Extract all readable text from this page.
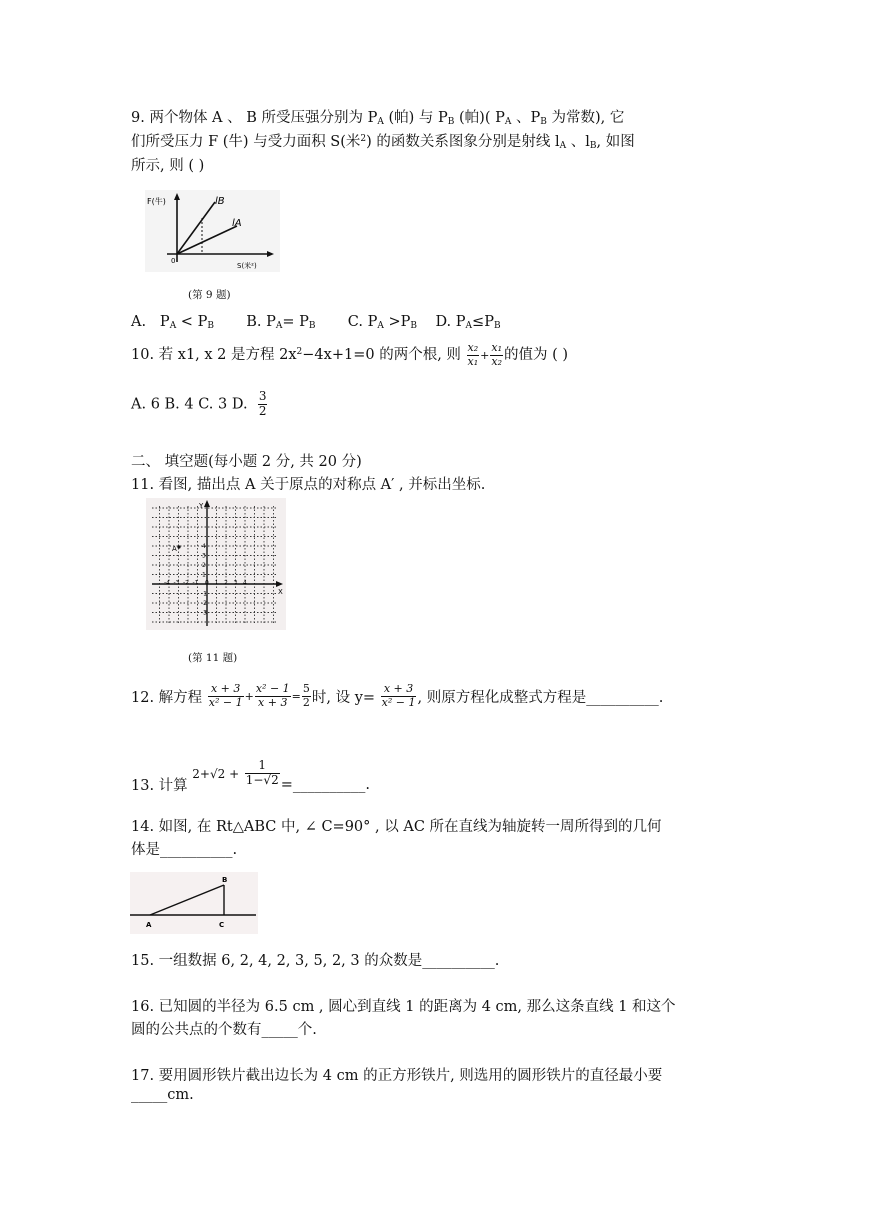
9. 两个物体 A 、 B 所受压强分别为 $P_A$ (帕) 与 $P_B$ (帕)( $P_A$ 、$P_B$ 为常数), 它
们所受压力 F (牛) 与受力面积 S(米$^2$) 的函数关系图象分别是射线 $l_A$ 、$l_B$, 如图
所示, 则 ( )
F(牛)	lB
lA
0
S(米²)
(第 9 题)
A. $P_A < P_B$ B. $P_A= P_B$ C. $P_A >P_B$ D. $P_A\le P_B$
10. 若 x1, x 2 是方程 $2x^2-4x+1=0$ 的两个根, 则 $\frac{\text{x₂}}{\text{x₁}} + \frac{\text{x₁}}{\text{x₂}}$ 的值为 ( )
A. 6 B. 4 C. 3 D. $\frac{3}{2}$
二、 填空题(每小题 2 分, 共 20 分)
11. 看图, 描出点 A 关于原点的对称点 A′ , 并标出坐标.
Y
X
A
-4 -3 -2 -1 0 1 2 3 4
4
3
2
1
-1
-2
-3
(第 11 题)
12. 解方程 $\frac{x + 3}{\text{x² − 1}} + \frac{\text{x² − 1}}{x + 3} = \frac{5}{2}$ 时, 设 $y= \frac{x + 3}{\text{x² − 1}}$ , 则原方程化成整式方程是__________.
13. 计算 $2+√2 + \frac{1}{1-√2}$ =__________.
14. 如图, 在 Rt△ABC 中, ∠ C=90° , 以 AC 所在直线为轴旋转一周所得到的几何
体是__________.
A
B
C
15. 一组数据 6, 2, 4, 2, 3, 5, 2, 3 的众数是__________.
16. 已知圆的半径为 6.5 cm , 圆心到直线 1 的距离为 4 cm, 那么这条直线 1 和这个
圆的公共点的个数有_____个.
17. 要用圆形铁片截出边长为 4 cm 的正方形铁片, 则选用的圆形铁片的直径最小要
_____cm.
